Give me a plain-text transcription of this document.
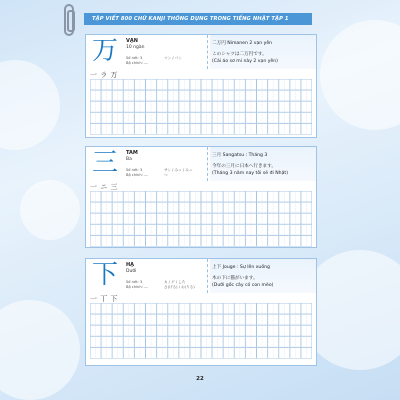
TẬP VIẾT 800 CHỮ KANJI THÔNG DỤNG TRONG TIẾNG NHẬT TẬP 1
万	VẠN
10 ngàn
Số nét: 3
Bộ chính: ---
マン / バン
二万円 Nimanen 2 vạn yên
このシャツは二万円です。
(Cái áo sơ mi này 2 vạn yên)
一 ラ 万
三	TAM
Ba
Số nét: 3
Bộ chính: ---
サン / みっ / みっ
つ
三月 Sangatsu : Tháng 3
今年の三月に日本へ行きます。
(Tháng 3 năm nay tôi sẽ đi Nhật)
一 ニ 三
下	HẠ
Dưới
Số nét: 3
Bộ chính: ---
カ / ゲ / した
さ(げる) / お(りる)
上下 Jouge : Sự lên xuống
木の下に猫がいます。
(Dưới gốc cây có con mèo)
一 丅 下
22
